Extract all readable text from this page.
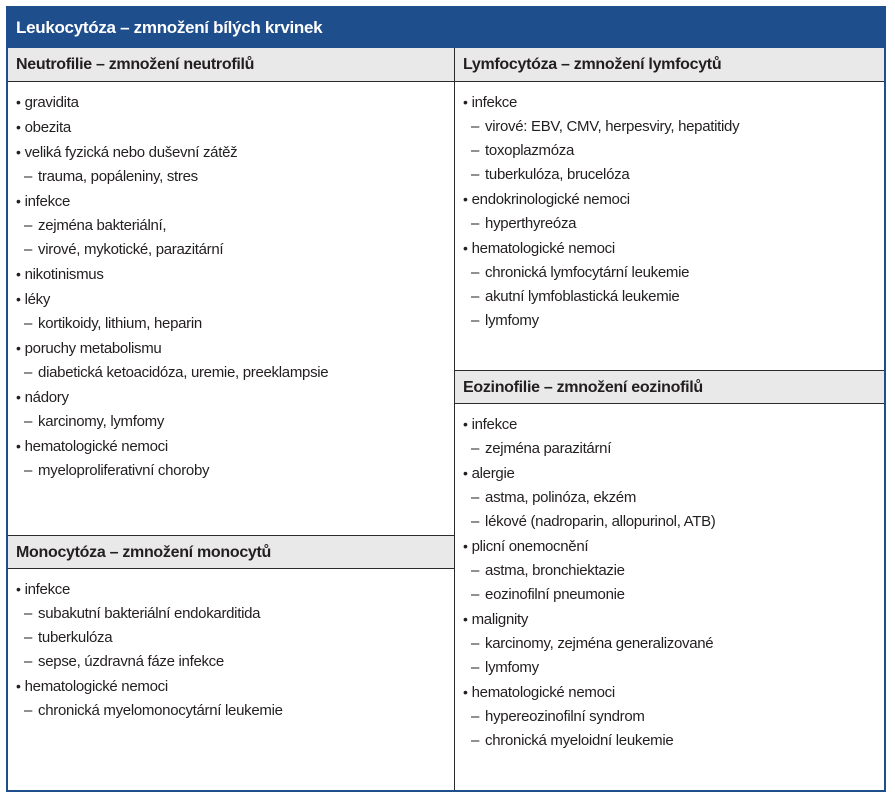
Leukocytóza – zmnožení bílých krvinek
Neutrofilie – zmnožení neutrofilů
• gravidita
• obezita
• veliká fyzická nebo duševní zátěž
– trauma, popáleniny, stres
• infekce
– zejména bakteriální,
– virové, mykotické, parazitární
• nikotinismus
• léky
– kortikoidy, lithium, heparin
• poruchy metabolismu
– diabetická ketoacidóza, uremie, preeklampsie
• nádory
– karcinomy, lymfomy
• hematologické nemoci
– myeloproliferativní choroby
Monocytóza – zmnožení monocytů
• infekce
– subakutní bakteriální endokarditida
– tuberkulóza
– sepse, úzdravná fáze infekce
• hematologické nemoci
– chronická myelomonocytární leukemie
Lymfocytóza – zmnožení lymfocytů
• infekce
– virové: EBV, CMV, herpesviry, hepatitidy
– toxoplazmóza
– tuberkulóza, brucelóza
• endokrinologické nemoci
– hyperthyreóza
• hematologické nemoci
– chronická lymfocytární leukemie
– akutní lymfoblastická leukemie
– lymfomy
Eozinofilie – zmnožení eozinofilů
• infekce
– zejména parazitární
• alergie
– astma, polinóza, ekzém
– lékové (nadroparin, allopurinol, ATB)
• plicní onemocnění
– astma, bronchiektazie
– eozinofilní pneumonie
• malignity
– karcinomy, zejména generalizované
– lymfomy
• hematologické nemoci
– hypereozinofilní syndrom
– chronická myeloidní leukemie
